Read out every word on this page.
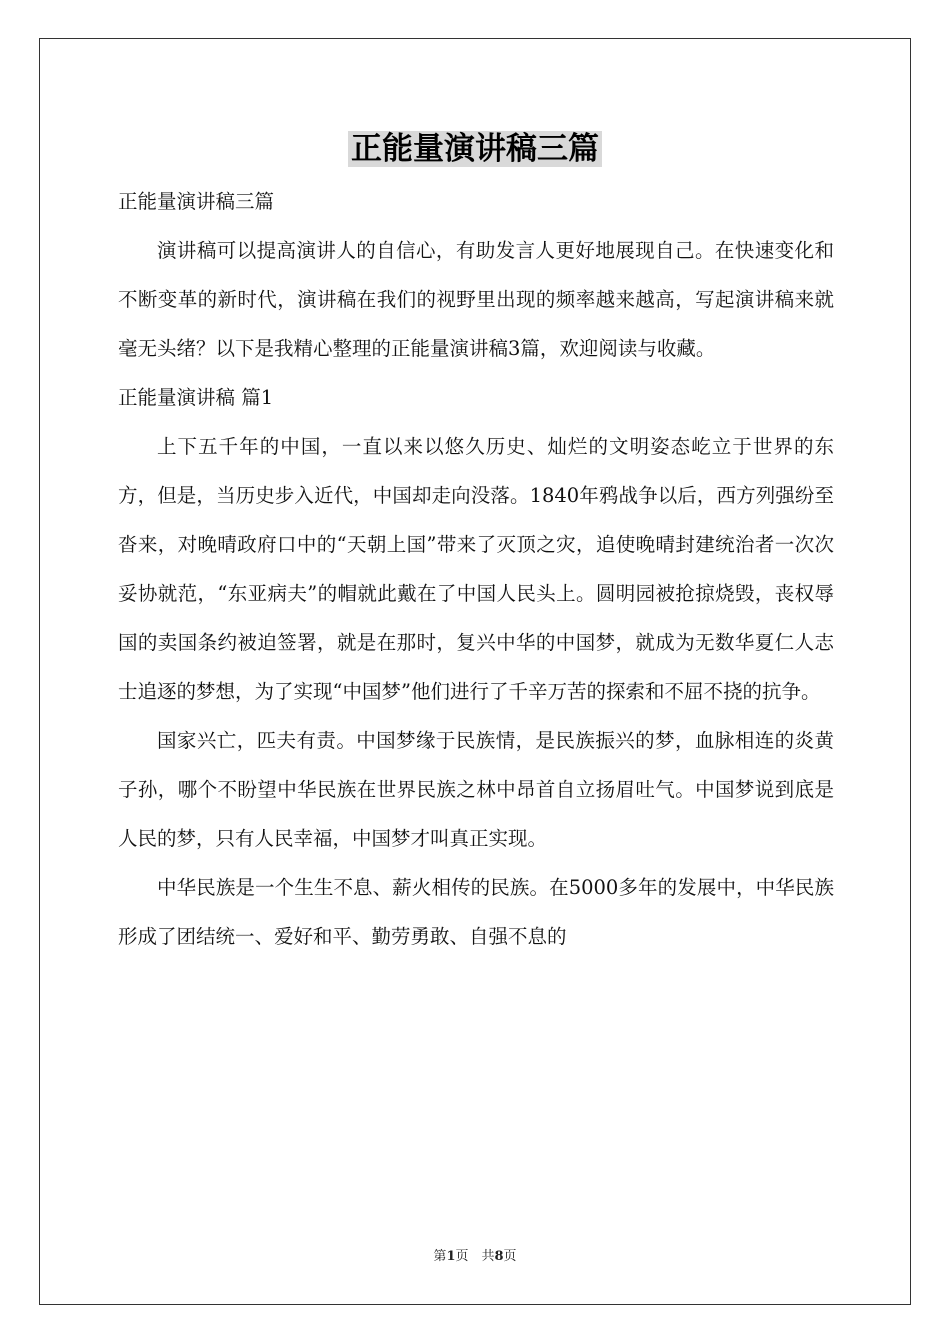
正能量演讲稿三篇

正能量演讲稿三篇

演讲稿可以提高演讲人的自信心，有助发言人更好地展现自己。在快速变化和不断变革的新时代，演讲稿在我们的视野里出现的频率越来越高，写起演讲稿来就毫无头绪？以下是我精心整理的正能量演讲稿3篇，欢迎阅读与收藏。

正能量演讲稿 篇1

上下五千年的中国，一直以来以悠久历史、灿烂的文明姿态屹立于世界的东方，但是，当历史步入近代，中国却走向没落。1840年鸦战争以后，西方列强纷至沓来，对晚晴政府口中的“天朝上国”带来了灭顶之灾，追使晚晴封建统治者一次次妥协就范，“东亚病夫”的帽就此戴在了中国人民头上。圆明园被抢掠烧毁，丧权辱国的卖国条约被迫签署，就是在那时，复兴中华的中国梦，就成为无数华夏仁人志士追逐的梦想，为了实现“中国梦”他们进行了千辛万苦的探索和不屈不挠的抗争。

国家兴亡，匹夫有责。中国梦缘于民族情，是民族振兴的梦，血脉相连的炎黄子孙，哪个不盼望中华民族在世界民族之林中昂首自立扬眉吐气。中国梦说到底是人民的梦，只有人民幸福，中国梦才叫真正实现。

中华民族是一个生生不息、薪火相传的民族。在5000多年的发展中，中华民族形成了团结统一、爱好和平、勤劳勇敢、自强不息的

第1页　共8页
